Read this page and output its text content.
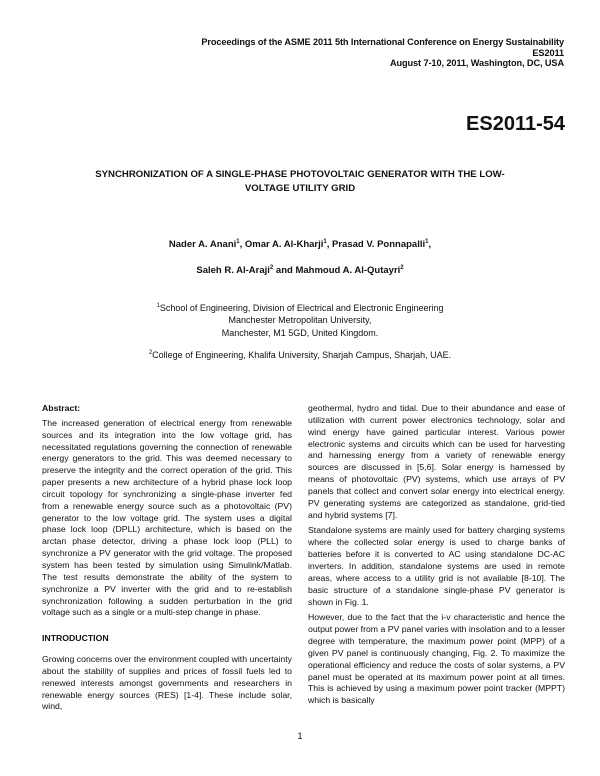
Proceedings of the ASME 2011 5th International Conference on Energy Sustainability
ES2011
August 7-10, 2011, Washington, DC, USA
ES2011-54
SYNCHRONIZATION OF A SINGLE-PHASE PHOTOVOLTAIC GENERATOR WITH THE LOW-
VOLTAGE UTILITY GRID
Nader A. Anani$^1$, Omar A. Al-Kharji$^1$, Prasad V. Ponnapalli$^1$,
Saleh R. Al-Araji$^2$ and Mahmoud A. Al-Qutayri$^2$
$^1$School of Engineering, Division of Electrical and Electronic Engineering
Manchester Metropolitan University,
Manchester, M1 5GD, United Kingdom.
$^2$College of Engineering, Khalifa University, Sharjah Campus, Sharjah, UAE.
Abstract:

The increased generation of electrical energy from renewable sources and its integration into the low voltage grid, has necessitated regulations governing the connection of renewable energy generators to the grid. This was deemed necessary to preserve the integrity and the correct operation of the grid. This paper presents a new architecture of a hybrid phase lock loop circuit topology for synchronizing a single-phase inverter fed from a renewable energy source such as a photovoltaic (PV) generator to the low voltage grid. The system uses a digital phase lock loop (DPLL) architecture, which is based on the arctan phase detector, driving a phase lock loop (PLL) to synchronize a PV generator with the grid voltage. The proposed system has been tested by simulation using Simulink/Matlab. The test results demonstrate the ability of the system to synchronize a PV inverter with the grid and to re-establish synchronization following a sudden perturbation in the grid voltage such as a single or a multi-step change in phase.

INTRODUCTION

Growing concerns over the environment coupled with uncertainty about the stability of supplies and prices of fossil fuels led to renewed interests amongst governments and researchers in renewable energy sources (RES) [1-4]. These include solar, wind,

geothermal, hydro and tidal. Due to their abundance and ease of utilization with current power electronics technology, solar and wind energy have gained particular interest. Various power electronic systems and circuits which can be used for harvesting and harnessing energy from a variety of renewable energy sources are discussed in [5,6]. Solar energy is harnessed by means of photovoltaic (PV) systems, which use arrays of PV panels that collect and convert solar energy into electrical energy. PV generating systems are categorized as standalone, grid-tied and hybrid systems [7].

Standalone systems are mainly used for battery charging systems where the collected solar energy is used to charge banks of batteries before it is converted to AC using standalone DC-AC inverters. In addition, standalone systems are used in remote areas, where access to a utility grid is not available [8-10]. The basic structure of a standalone single-phase PV generator is shown in Fig. 1.

However, due to the fact that the i-v characteristic and hence the output power from a PV panel varies with insolation and to a lesser degree with temperature, the maximum power point (MPP) of a given PV panel is continuously changing, Fig. 2. To maximize the operational efficiency and reduce the costs of solar systems, a PV panel must be operated at its maximum power point at all times. This is achieved by using a maximum power point tracker (MPPT) which is basically

1
